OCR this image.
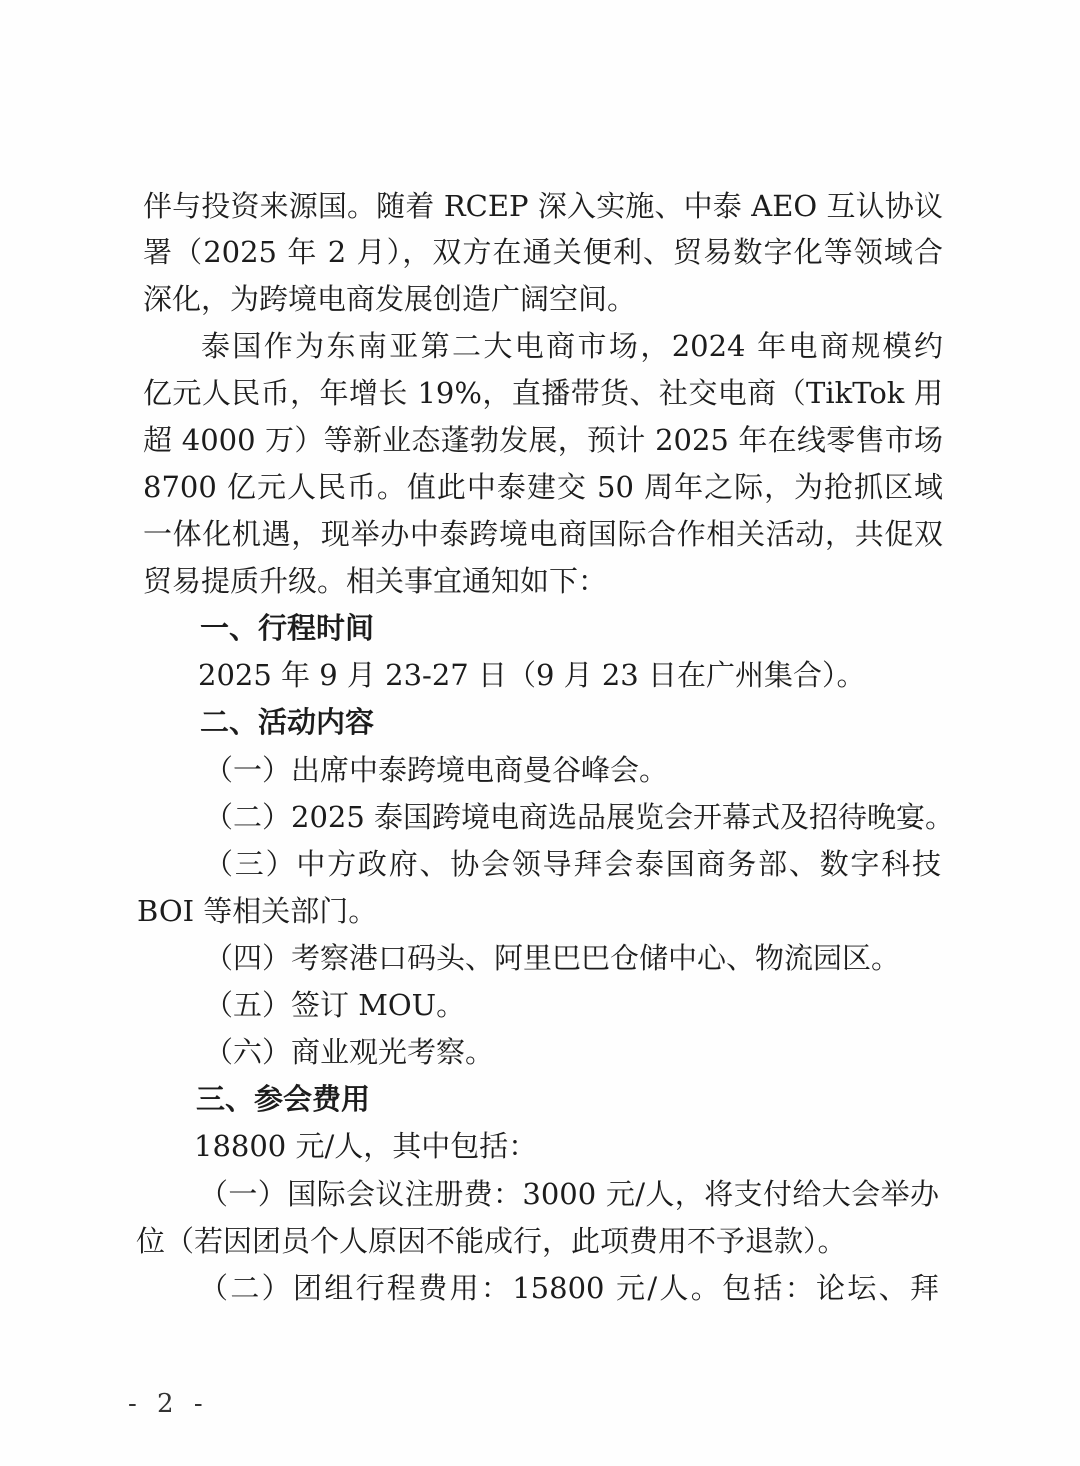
伴与投资来源国。随着 RCEP 深入实施、中泰 AEO 互认协议
署（2025 年 2 月），双方在通关便利、贸易数字化等领域合
深化，为跨境电商发展创造广阔空间。
泰国作为东南亚第二大电商市场，2024 年电商规模约
亿元人民币，年增长 19%，直播带货、社交电商（TikTok 用
超 4000 万）等新业态蓬勃发展，预计 2025 年在线零售市场
8700 亿元人民币。值此中泰建交 50 周年之际，为抢抓区域
一体化机遇，现举办中泰跨境电商国际合作相关活动，共促双
贸易提质升级。相关事宜通知如下：
一、行程时间
2025 年 9 月 23-27 日（9 月 23 日在广州集合）。
二、活动内容
（一）出席中泰跨境电商曼谷峰会。
（二）2025 泰国跨境电商选品展览会开幕式及招待晚宴。
（三）中方政府、协会领导拜会泰国商务部、数字科技
BOI 等相关部门。
（四）考察港口码头、阿里巴巴仓储中心、物流园区。
（五）签订 MOU。
（六）商业观光考察。
三、参会费用
18800 元/人，其中包括：
（一）国际会议注册费：3000 元/人，将支付给大会举办
位（若因团员个人原因不能成行，此项费用不予退款）。
（二）团组行程费用：15800 元/人。包括：论坛、拜
- 2 -
